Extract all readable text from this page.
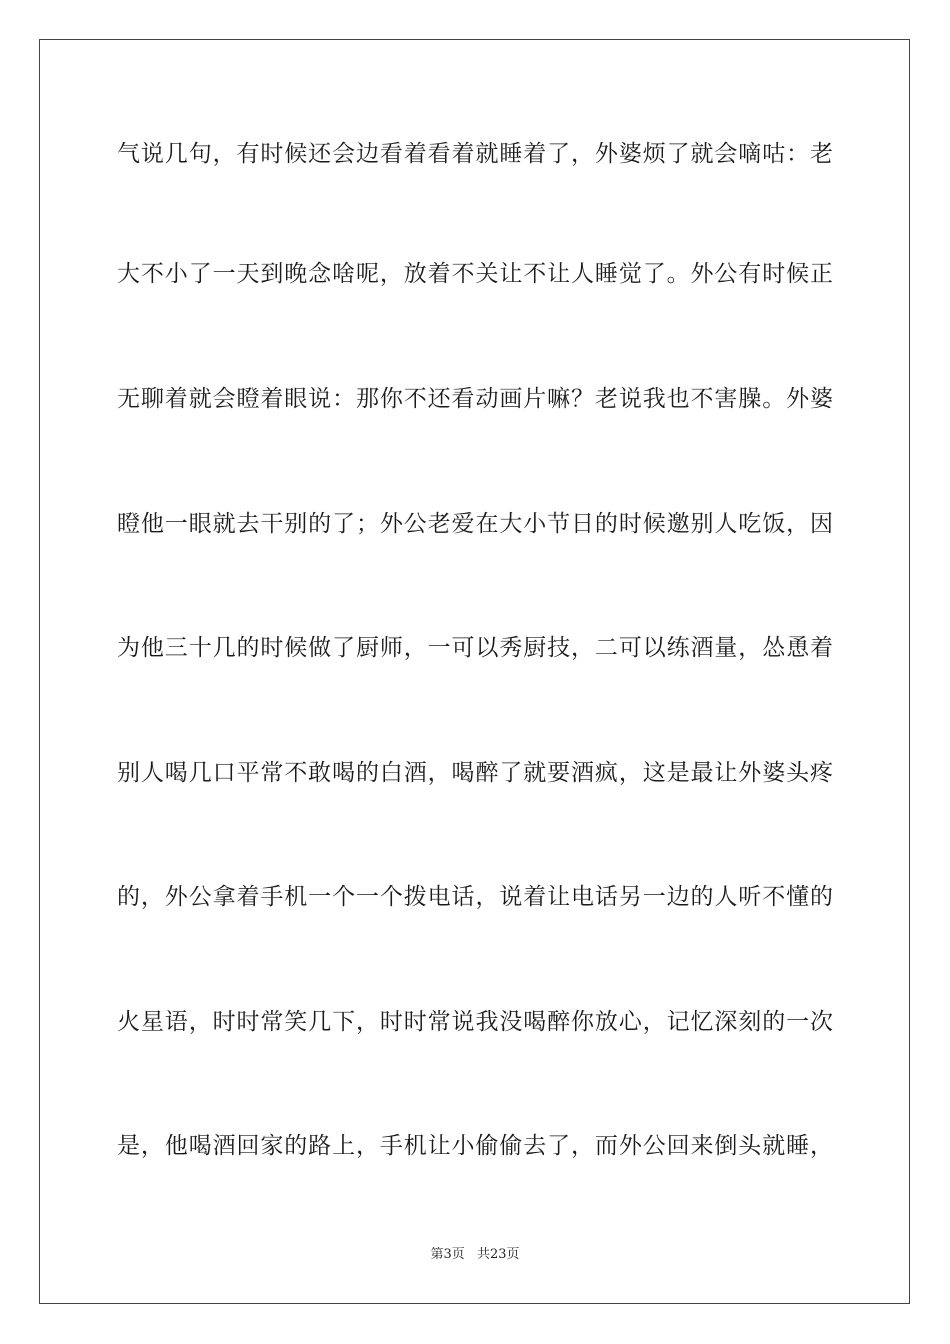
气说几句，有时候还会边看着看着就睡着了，外婆烦了就会嘀咕：老
大不小了一天到晚念啥呢，放着不关让不让人睡觉了。外公有时候正
无聊着就会瞪着眼说：那你不还看动画片嘛？老说我也不害臊。外婆
瞪他一眼就去干别的了；外公老爱在大小节日的时候邀别人吃饭，因
为他三十几的时候做了厨师，一可以秀厨技，二可以练酒量，怂恿着
别人喝几口平常不敢喝的白酒，喝醉了就要酒疯，这是最让外婆头疼
的，外公拿着手机一个一个拨电话，说着让电话另一边的人听不懂的
火星语，时时常笑几下，时时常说我没喝醉你放心，记忆深刻的一次
是，他喝酒回家的路上，手机让小偷偷去了，而外公回来倒头就睡，
第3页 共23页
